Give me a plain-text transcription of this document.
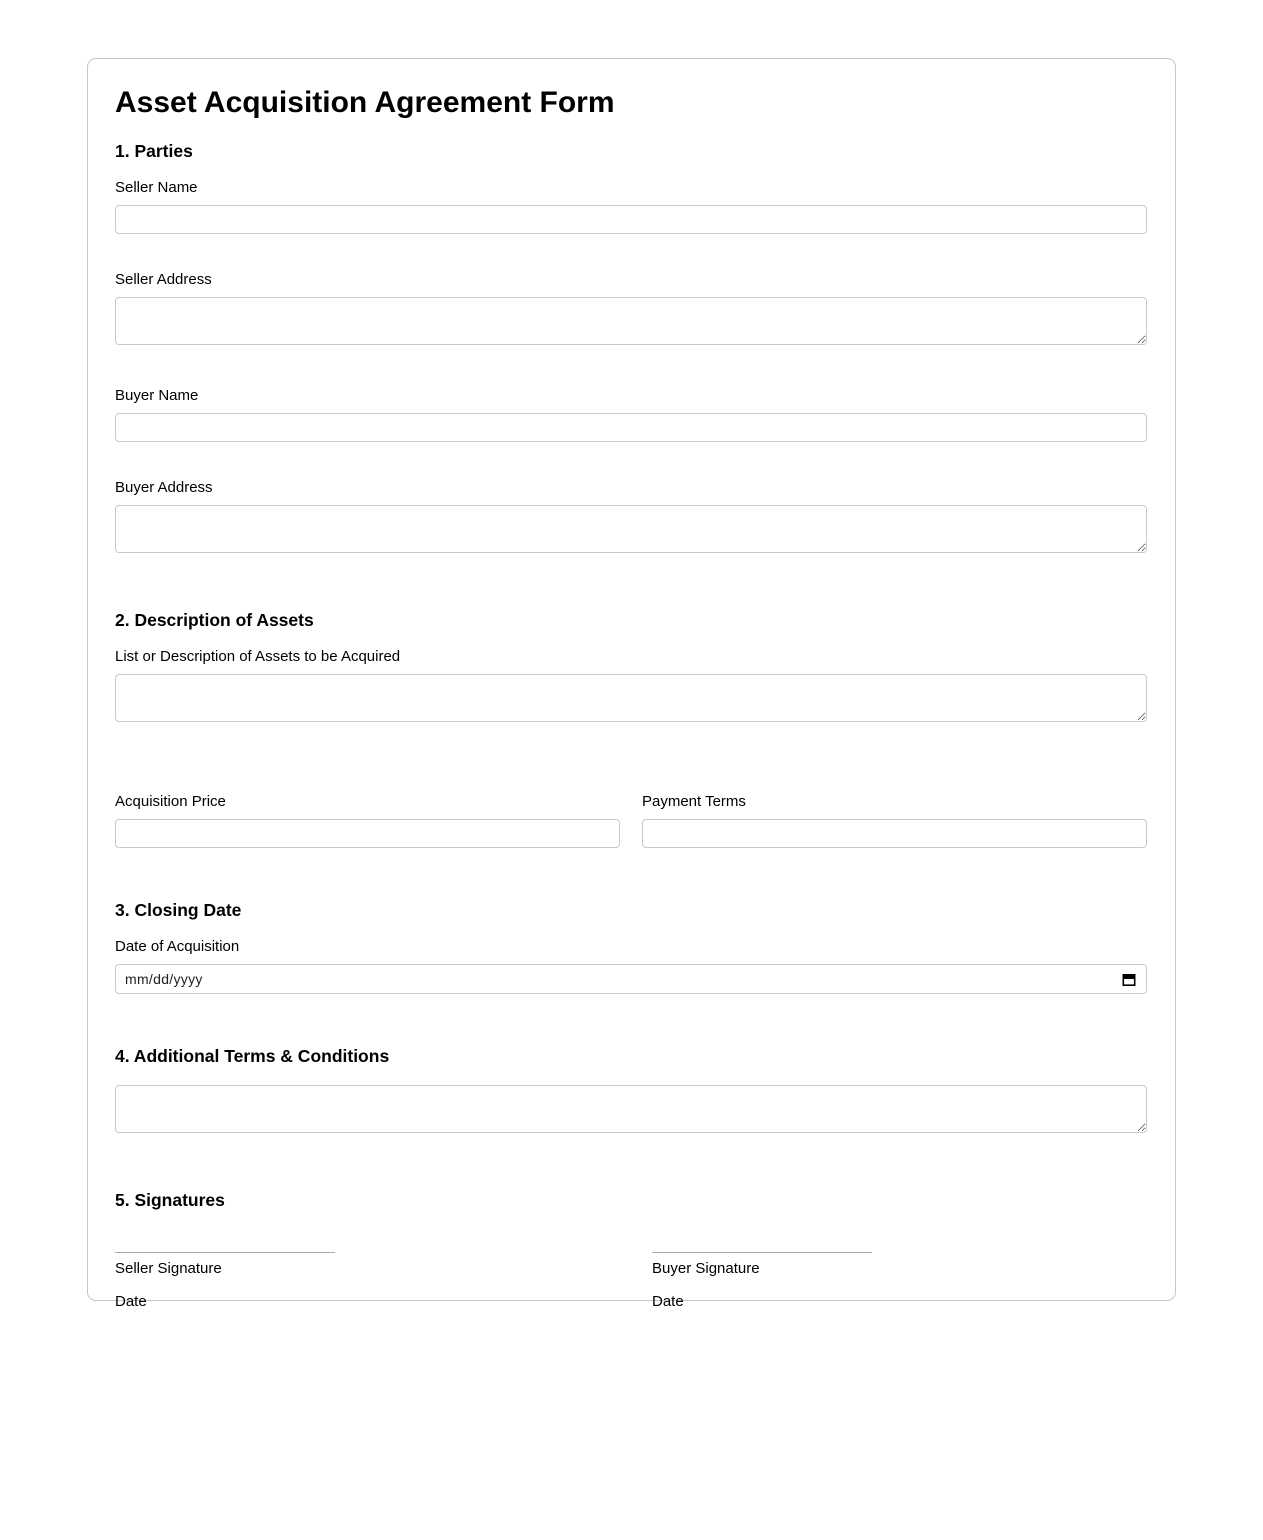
Asset Acquisition Agreement Form
1. Parties
Seller Name
Seller Address
Buyer Name
Buyer Address
2. Description of Assets
List or Description of Assets to be Acquired
Acquisition Price	Payment Terms
3. Closing Date
Date of Acquisition
mm/dd/yyyy
4. Additional Terms & Conditions
5. Signatures
Seller Signature
Date
Buyer Signature
Date
